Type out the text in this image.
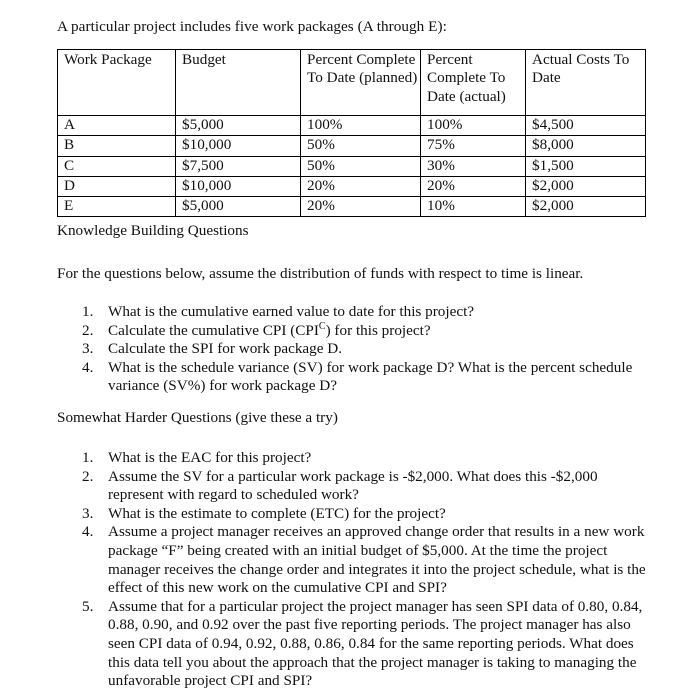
A particular project includes five work packages (A through E):
Work Package	Budget	Percent Complete To Date (planned)	Percent Complete To Date (actual)	Actual Costs To Date
A	$5,000	100%	100%	$4,500
B	$10,000	50%	75%	$8,000
C	$7,500	50%	30%	$1,500
D	$10,000	20%	20%	$2,000
E	$5,000	20%	10%	$2,000
Knowledge Building Questions
For the questions below, assume the distribution of funds with respect to time is linear.
1. What is the cumulative earned value to date for this project?
2. Calculate the cumulative CPI $(CPI^C)$ for this project?
3. Calculate the SPI for work package D.
4. What is the schedule variance (SV) for work package D? What is the percent schedule variance (SV%) for work package D?
Somewhat Harder Questions (give these a try)
1. What is the EAC for this project?
2. Assume the SV for a particular work package is -$2,000. What does this -$2,000 represent with regard to scheduled work?
3. What is the estimate to complete (ETC) for the project?
4. Assume a project manager receives an approved change order that results in a new work package “F” being created with an initial budget of $5,000. At the time the project manager receives the change order and integrates it into the project schedule, what is the effect of this new work on the cumulative CPI and SPI?
5. Assume that for a particular project the project manager has seen SPI data of 0.80, 0.84, 0.88, 0.90, and 0.92 over the past five reporting periods. The project manager has also seen CPI data of 0.94, 0.92, 0.88, 0.86, 0.84 for the same reporting periods. What does this data tell you about the approach that the project manager is taking to managing the unfavorable project CPI and SPI?
